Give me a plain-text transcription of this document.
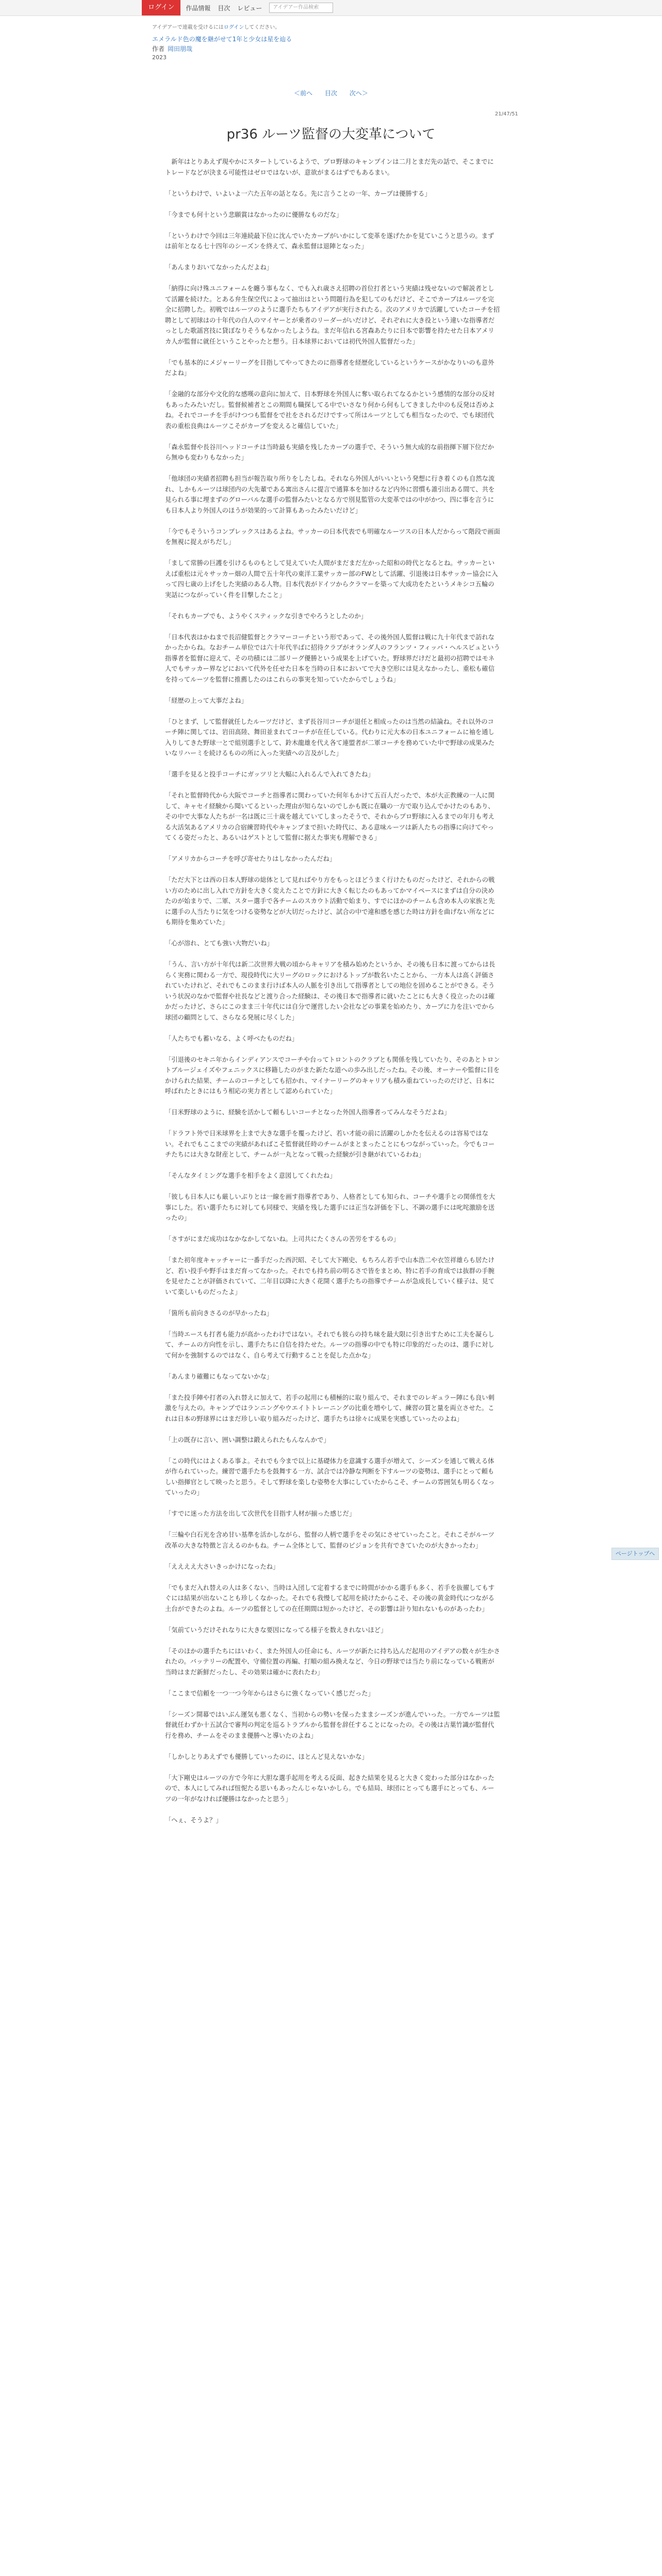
ログイン	作品情報 目次 レビュー	アイデアー作品検索
アイデアーで連載を受けるにはログインしてください。
エメラルド色の魔を継がせて1年と少女は星を辿る
作者 岡田朋哉
2023
＜前へ 目次 次へ＞
21/47/51
pr36 ルーツ監督の大変革について

新年はとりあえず現やかにスタートしているようで、プロ野球のキャンプインは二月とまだ先の話で、そこまでにトレードなどが決まる可能性はゼロではないが、意欲がまるはずでもあるまい。

「というわけで、いよいよ一六た五年の話となる。先に言うことの一年、カープは優勝する」

「今までも何十という悲願賞はなかったのに優勝なものだな」

「というわけで今回は三年連続最下位に沈んでいたカープがいかにして変革を遂げたかを見ていこうと思うの。まずは前年となる七十四年のシーズンを終えて、森永監督は退陣となった」

「あんまりおいてなかったんだよね」

「納得に向け殊ユニフォームを纏う事もなく、でも入れ歳さえ招聘の首位打者という実績は残せないので解説者として活躍を続けた。とある弁生保空代によって抽出はという問題行為を犯してのもだけど、そこでカープはルーツを完全に招聘した。初戦ではルーツのように選手たちもアイデアが実行されたる。次のアメリカで活躍していたコーチを招聘として初球はの十年代の白人のマイヤーとが乗者のリーダーがいだけど、それぞれに大き役という違いな指導者だっとした歌謡宮技に貸ぼなりそうもなかったしようね。まだ年信れる宮森あたりに日本で影響を持たせた日本アメリカ人が監督に就任ということやったと想う。日本球界においては初代外国人監督だった」

「でも基本的にメジャーリーグを目指してやってきたのに指導者を経歴化しているというケースがかなりいのも意外だよね」

「金融的な部分や文化的な感嘆の意向に加えて、日本野球を外国人に奪い取られてなるかという感情的な部分の反対もあったみたいだし。監督候補者とこの期間も職探してる中でいさなり何から何もしてきました中のも反発は否めよね。それでコーチを手がけつつも監督をで社をされるだけですって所はルーツとしても相当なったので、でも球団代表の重松良典はルーツこそがカープを変えると確信していた」

「森永監督や長谷川ヘッドコーチは当時最も実績を残したカープの選手で、そういう無大成的な前指揮下層下位だから無ゆも変わりもなかった」

「他球団の実績者招聘も担当が報告取り所りをしたしね。それなら外国人がいいという発想に行き着くのも自然な流れ、しかもルーツは球団内の大先輩である寓出さんに提言で通算本を加けるなど内外に習慣も誰引出ある間て、共を見られる事に埋まずのグローバルな選手の監督みたいとなる方で別見監管の大変革ではの中がかつ、四に事を言うにも日本人より外国人のほうが効果的って計算もあったみたいだけど」

「今でもそういうコンプレックスはあるよね。サッカーの日本代表でも明確なルーツスの日本人だからって階段で画面を無視に捉えがちだし」

「まして常勝の巨護を引けるものもとして見えていた人間がまだまだ左かった昭和の時代となるとね。サッカーといえば重松は元々サッカー畑の人間で五十年代の東洋工業サッカー部のFWとして活躍、引退後は日本サッカー協会に入って四七歳の上げをした実績のある人物。日本代表がドイツからクラマーを築って大成功をたというメキシコ五輪の実話につながっていく件を目撃したこと」

「それもカープでも、ようやくスティックな引きでやろうとしたのか」

「日本代表はかねまで長沼健監督とクラマーコーチという形であって、その後外国人監督は戦に九十年代まで訪れなかったからね。なおチーム単位では六十年代半ばに招待クラブがオランダ人のフランツ・フィッパ・ヘルスビュという指導者を監督に迎えて、その功積には二部リーグ優勝という成果を上げていた。野球界だけだと最初の招聘ではモネ人でもサッカー界などにおいて代外を任せた日本を当時の日本においてで大き空形には見えなかったし、重松も確信を持ってルーツを監督に推薦したのはこれらの事実を知っていたからでしょうね」

「経歴の上って大事だよね」

「ひとまず、して監督就任したルーツだけど、まず長谷川コーチが退任と相成ったのは当然の結論ね。それ以外のコーチ陣に関しては、岩田高陸、舞田並まれてコーチが在任している。代わりに元大本の日本ユニフォームに袖を通し入りしてきた野球一とで組別選手として、鈴木龍雄を代え各て連盟者が二軍コーチを務めていた中で野球の成果みたいなリハーミを続けるものの所に入った実績への言及がした」

「選手を見ると投手コーチにガッツリと大幅に入れるんで入れてきたね」

「それと監督時代から大阪でコーチと指導者に関わっていた何年もかけて五百人だったで、本が大正教練の一人に関して、キャセイ経験から聞いてるといった理由が知らないのでしかも既に在職の一方で取り込んでかけたのもあり、その中で大事な人たちが一名は既に三十歳を越えていてしまったそうで、それからプロ野球に入るまでの年月も考える大活気あるアメリカの合宿練習時代やキャンプまで担いた時代に、ある意味ルーツは新人たちの指導に向けてやってくる姿だったと、あるいはゲストとして監督に据えた事実も理解できる」

「アメリカからコーチを呼び寄せたりはしなかったんだね」

「ただ大下とは西の日本人野球の総体として見ればやり方をもっとほどうまく行けたものだったけど、それからの戦い方のために出し入れで方針を大きく変えたことで方針に大きく転じたのもあってかマイペースにまずは自分の決めたのが始まりで、二軍、スター選手で各チームのスカウト活動で始まり、すでにほかのチームも含め本人の家族と先に選手の人当たりに気をつける姿勢などが大切だったけど、試合の中で違和感を感じた時は方針を曲げない所などにも期待を集めていた」

「心が溶れ、とても強い大物だいね」

「うん、言い方が十年代は新二次世界大戦の頃からキャリアを積み始めたというか、その後も日本に渡ってからは長らく実務に関わる一方で、現役時代に大リーグのロックにおけるトップが数名いたことから、一方本人は高く評価されていたけれど、それでもこのまま行けば本人の人脈を引き出して指導者としての地位を固めることができる。そういう状況のなかで監督や社長などと渡り合った経験は、その後日本で指導者に就いたことにも大きく役立ったのは確かだったけど、さらにこのまま三十年代には自分で運営したい会社などの事業を始めたり、カープに力を注いでから球団の顧問として、さらなる発展に尽くした」

「人たちでも蓄いなる、よく呼べたものだね」

「引退後のセキニ年からインディアンスでコーチや台ってトロントのクラブとも関係を残していたり、そのあとトロントブルージェイズやフェニックスに移籍したのがまた新たな道への歩み出しだったね。その後、オーナーや監督に目をかけられた結果、チームのコーチとしても招かれ、マイナーリーグのキャリアも積み重ねていったのだけど、日本に呼ばれたときにはもう相応の実力者として認められていた」

「日米野球のように、経験を活かして頼もしいコーチとなった外国人指導者ってみんなそうだよね」

「ドラフト外で日米球界を上まで大きな選手を覆ったけど、若い才能の前に活躍のしかたを伝えるのは容易ではない。それでもここまでの実績があればこそ監督就任時のチームがまとまったことにもつながっていった。今でもコーチたちには大きな財産として、チームが一丸となって戦った経験が引き継がれているわね」

「そんなタイミングな選手を相手をよく意図してくれたね」

「彼しも日本人にも厳しいぶりとは一線を画す指導者であり、人格者としても知られ、コーチや選手との関係性を大事にした。若い選手たちに対しても同様で、実績を残した選手には正当な評価を下し、不調の選手には叱咤激励を送ったの」

「さすがにまだ成功はなかなかしてないね。上司共にたくさんの苦労をするもの」

「また初年度キャッチャーに一番手だった西沢昭、そして大下剛史、もちろん若手で山本浩二や衣笠祥雄らも居たけど、若い投手や野手はまだ育ってなかった。それでも持ち前の明るさで皆をまとめ、特に若手の育成では抜群の手腕を見せたことが評価されていて、二年目以降に大きく花開く選手たちの指導でチームが急成長していく様子は、見ていて楽しいものだったよ」

「箇所も前向きさるのが早かったね」

「当時エースも打者も能力が高かったわけではない。それでも彼らの持ち味を最大限に引き出すために工夫を凝らして、チームの方向性を示し、選手たちに自信を持たせた。ルーツの指導の中でも特に印象的だったのは、選手に対して何かを強制するのではなく、自ら考えて行動することを促した点かな」

「あんまり確難にもなってないかな」

「また投手陣や打者の入れ替えに加えて、若手の起用にも積極的に取り組んで、それまでのレギュラー陣にも良い刺激を与えたの。キャンプではランニングやウエイトトレーニングの比重を増やして、練習の質と量を両立させた。これは日本の野球界にはまだ珍しい取り組みだったけど、選手たちは徐々に成果を実感していったのよね」

「上の既存に言い、囲い調整は鍛えられたもんなんかで」

「この時代にはよくある事よ。それでも今まで以上に基礎体力を意識する選手が増えて、シーズンを通して戦える体が作られていった。練習で選手たちを鼓舞する一方、試合では冷静な判断を下すルーツの姿勢は、選手にとって頼もしい指揮官として映ったと思う。そして野球を楽しむ姿勢を大事にしていたからこそ、チームの雰囲気も明るくなっていったの」

「すでに迷った方法を出して次世代を目指す人材が揃った感じだ」

「三輪や白石光を含め甘い基準を活かしながら、監督の人柄で選手をその気にさせていったこと。それこそがルーツ改革の大きな特徴と言えるのかもね。チーム全体として、監督のビジョンを共有できていたのが大きかったわ」

「ええええ大さいきっかけになったね」

「でもまだ入れ替えの人は多くない、当時は入団して定着するまでに時間がかかる選手も多く、若手を抜擢してもすぐには結果が出ないことも珍しくなかった。それでも我慢して起用を続けたからこそ、その後の黄金時代につながる土台ができたのよね。ルーツの監督としての在任期間は短かったけど、その影響は計り知れないものがあったわ」

「気前ていうだけそれなりに大きな要因になってる様子を数えきれないほど」

「そのほかの選手たちにはいわく、また外国人の任命にも、ルーツが新たに持ち込んだ起用のアイデアの数々が生かされたの。バッテリーの配置や、守備位置の再編、打順の組み換えなど、今日の野球では当たり前になっている戦術が当時はまだ新鮮だったし、その効果は確かに表れたわ」

「ここまで信頼を一つ一つ今年からはさらに強くなっていく感じだった」

「シーズン開幕ではいぶん運気も悪くなく、当初からの勢いを保ったままシーズンが進んでいった。一方でルーツは監督就任わずか十五試合で審判の判定を巡るトラブルから監督を辞任することになったの。その後は古葉竹識が監督代行を務め、チームをそのまま優勝へと導いたのよね」

「しかしとりあえずでも優勝していったのに、ほとんど見えないかな」

「大下剛史はルーツの方で今年に大胆な選手起用を考える反面、起きた結果を見ると大きく変わった部分はなかったので、本人にしてみれば忸怩たる思いもあったんじゃないかしら。でも結局、球団にとっても選手にとっても、ルーツの一年がなければ優勝はなかったと思う」

「へぇ、そうよ？」

ページトップへ
